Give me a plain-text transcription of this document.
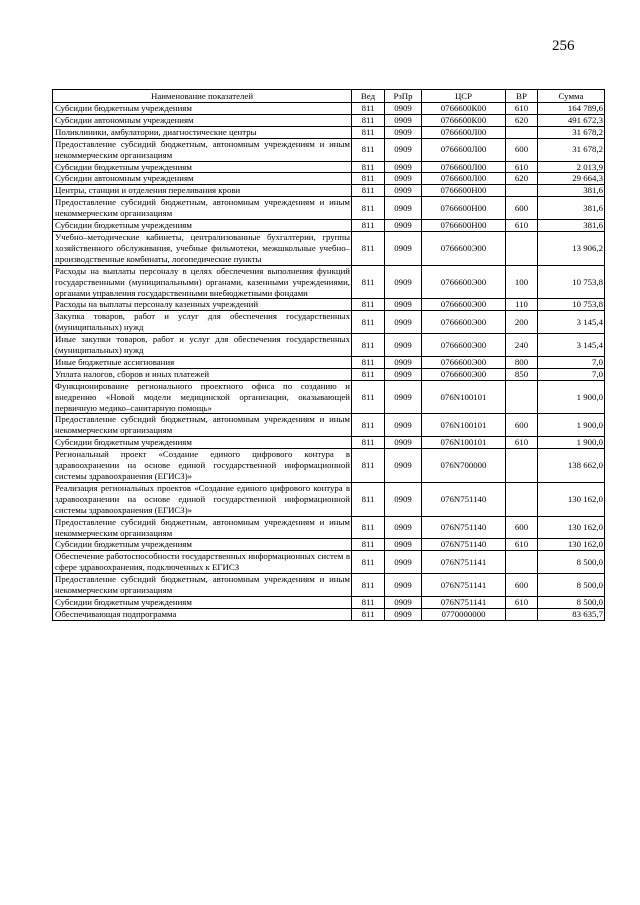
256
Наименование показателей	Вед	РзПр	ЦСР	ВР	Сумма
Субсидии бюджетным учреждениям	811	0909	0766600К00	610	164 789,6
Субсидии автономным учреждениям	811	0909	0766600К00	620	491 672,3
Поликлиники, амбулатории, диагностические центры	811	0909	0766600Л00		31 678,2
Предоставление субсидий бюджетным, автономным учреждениям и иным некоммерческим организациям	811	0909	0766600Л00	600	31 678,2
Субсидии бюджетным учреждениям	811	0909	0766600Л00	610	2 013,9
Субсидии автономным учреждениям	811	0909	0766600Л00	620	29 664,3
Центры, станции и отделения переливания крови	811	0909	0766600Н00		381,6
Предоставление субсидий бюджетным, автономным учреждениям и иным некоммерческим организациям	811	0909	0766600Н00	600	381,6
Субсидии бюджетным учреждениям	811	0909	0766600Н00	610	381,6
Учебно–методические кабинеты, централизованные бухгалтерии, группы хозяйственного обслуживания, учебные фильмотеки, межшкольные учебно–производственные комбинаты, логопедические пункты	811	0909	0766600Э00		13 906,2
Расходы на выплаты персоналу в целях обеспечения выполнения функций государственными (муниципальными) органами, казенными учреждениями, органами управления государственными внебюджетными фондами	811	0909	0766600Э00	100	10 753,8
Расходы на выплаты персоналу казенных учреждений	811	0909	0766600Э00	110	10 753,8
Закупка товаров, работ и услуг для обеспечения государственных (муниципальных) нужд	811	0909	0766600Э00	200	3 145,4
Иные закупки товаров, работ и услуг для обеспечения государственных (муниципальных) нужд	811	0909	0766600Э00	240	3 145,4
Иные бюджетные ассигнования	811	0909	0766600Э00	800	7,0
Уплата налогов, сборов и иных платежей	811	0909	0766600Э00	850	7,0
Функционирование регионального проектного офиса по созданию и внедрению «Новой модели медицинской организации, оказывающей первичную медико–санитарную помощь»	811	0909	076N100101		1 900,0
Предоставление субсидий бюджетным, автономным учреждениям и иным некоммерческим организациям	811	0909	076N100101	600	1 900,0
Субсидии бюджетным учреждениям	811	0909	076N100101	610	1 900,0
Региональный проект «Создание единого цифрового контура в здравоохранении на основе единой государственной информационной системы здравоохранения (ЕГИСЗ)»	811	0909	076N700000		138 662,0
Реализация региональных проектов «Создание единого цифрового контура в здравоохранении на основе единой государственной информационной системы здравоохранения (ЕГИСЗ)»	811	0909	076N751140		130 162,0
Предоставление субсидий бюджетным, автономным учреждениям и иным некоммерческим организациям	811	0909	076N751140	600	130 162,0
Субсидии бюджетным учреждениям	811	0909	076N751140	610	130 162,0
Обеспечение работоспособности государственных информационных систем в сфере здравоохранения, подключенных к ЕГИСЗ	811	0909	076N751141		8 500,0
Предоставление субсидий бюджетным, автономным учреждениям и иным некоммерческим организациям	811	0909	076N751141	600	8 500,0
Субсидии бюджетным учреждениям	811	0909	076N751141	610	8 500,0
Обеспечивающая подпрограмма	811	0909	0770000000		83 635,7
